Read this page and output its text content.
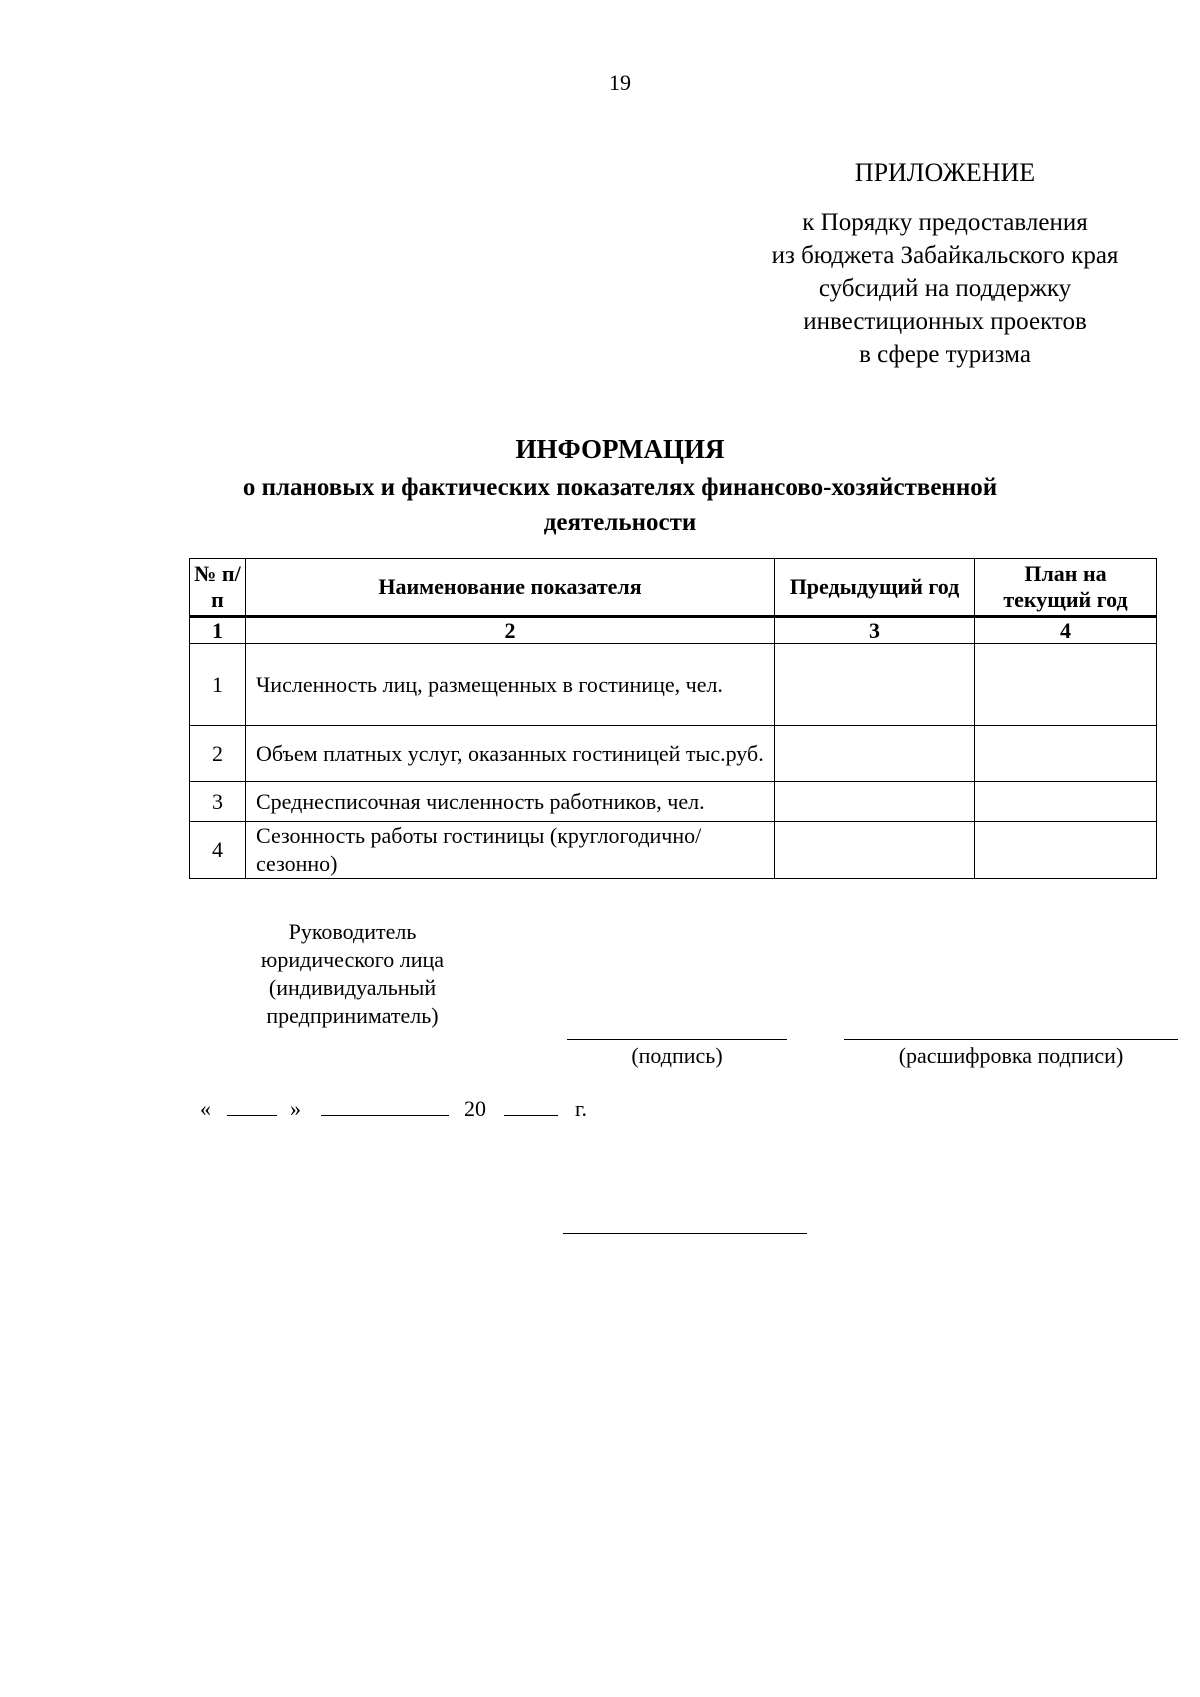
19
ПРИЛОЖЕНИЕ
к Порядку предоставления
из бюджета Забайкальского края
субсидий на поддержку
инвестиционных проектов
в сфере туризма
ИНФОРМАЦИЯ
о плановых и фактических показателях финансово-хозяйственной
деятельности
№ п/п	Наименование показателя	Предыдущий год	План на текущий год
1	2	3	4
1	Численность лиц, размещенных в гостинице, чел.		
2	Объем платных услуг, оказанных гостиницей тыс.руб.		
3	Среднесписочная численность работников, чел.		
4	Сезонность работы гостиницы (круглогодично/сезонно)		
Руководитель
юридического лица
(индивидуальный
предприниматель)
(подпись)	(расшифровка подписи)
«	»	20	г.
